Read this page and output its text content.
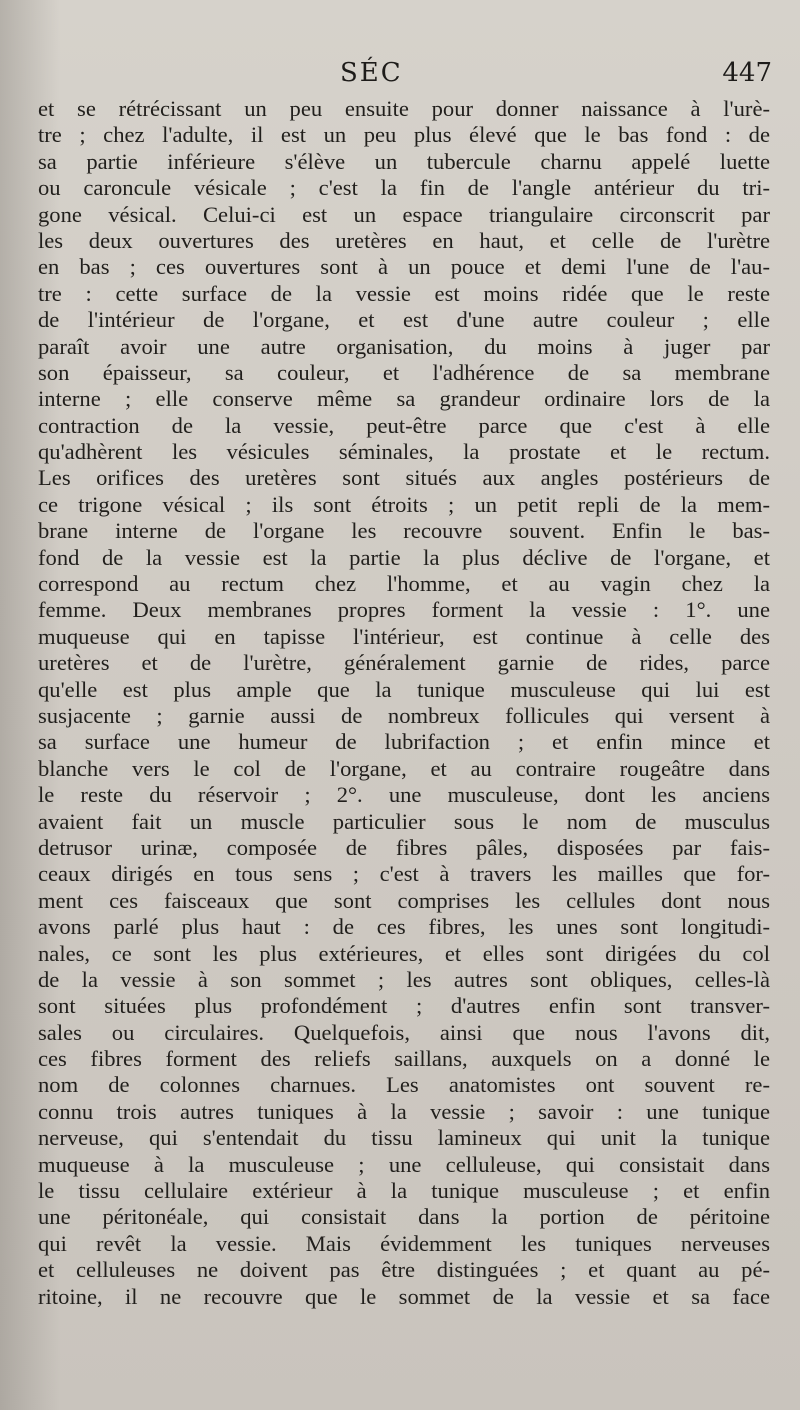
SÉC	447
et se rétrécissant un peu ensuite pour donner naissance à l'urè-
tre ; chez l'adulte, il est un peu plus élevé que le bas fond : de
sa partie inférieure s'élève un tubercule charnu appelé luette
ou caroncule vésicale ; c'est la fin de l'angle antérieur du tri-
gone vésical. Celui-ci est un espace triangulaire circonscrit par
les deux ouvertures des uretères en haut, et celle de l'urètre
en bas ; ces ouvertures sont à un pouce et demi l'une de l'au-
tre : cette surface de la vessie est moins ridée que le reste
de l'intérieur de l'organe, et est d'une autre couleur ; elle
paraît avoir une autre organisation, du moins à juger par
son épaisseur, sa couleur, et l'adhérence de sa membrane
interne ; elle conserve même sa grandeur ordinaire lors de la
contraction de la vessie, peut-être parce que c'est à elle
qu'adhèrent les vésicules séminales, la prostate et le rectum.
Les orifices des uretères sont situés aux angles postérieurs de
ce trigone vésical ; ils sont étroits ; un petit repli de la mem-
brane interne de l'organe les recouvre souvent. Enfin le bas-
fond de la vessie est la partie la plus déclive de l'organe, et
correspond au rectum chez l'homme, et au vagin chez la
femme. Deux membranes propres forment la vessie : 1°. une
muqueuse qui en tapisse l'intérieur, est continue à celle des
uretères et de l'urètre, généralement garnie de rides, parce
qu'elle est plus ample que la tunique musculeuse qui lui est
susjacente ; garnie aussi de nombreux follicules qui versent à
sa surface une humeur de lubrifaction ; et enfin mince et
blanche vers le col de l'organe, et au contraire rougeâtre dans
le reste du réservoir ; 2°. une musculeuse, dont les anciens
avaient fait un muscle particulier sous le nom de musculus
detrusor urinæ, composée de fibres pâles, disposées par fais-
ceaux dirigés en tous sens ; c'est à travers les mailles que for-
ment ces faisceaux que sont comprises les cellules dont nous
avons parlé plus haut : de ces fibres, les unes sont longitudi-
nales, ce sont les plus extérieures, et elles sont dirigées du col
de la vessie à son sommet ; les autres sont obliques, celles-là
sont situées plus profondément ; d'autres enfin sont transver-
sales ou circulaires. Quelquefois, ainsi que nous l'avons dit,
ces fibres forment des reliefs saillans, auxquels on a donné le
nom de colonnes charnues. Les anatomistes ont souvent re-
connu trois autres tuniques à la vessie ; savoir : une tunique
nerveuse, qui s'entendait du tissu lamineux qui unit la tunique
muqueuse à la musculeuse ; une celluleuse, qui consistait dans
le tissu cellulaire extérieur à la tunique musculeuse ; et enfin
une péritonéale, qui consistait dans la portion de péritoine
qui revêt la vessie. Mais évidemment les tuniques nerveuses
et celluleuses ne doivent pas être distinguées ; et quant au pé-
ritoine, il ne recouvre que le sommet de la vessie et sa face
